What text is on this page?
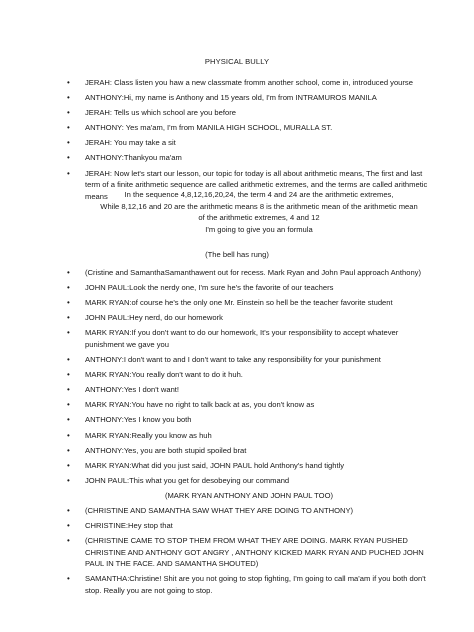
PHYSICAL BULLY
• JERAH: Class listen you haw a new classmate fromm another school, come in, introduced yourse
• ANTHONY:Hi, my name is Anthony and 15 years old, I'm from INTRAMUROS MANILA
• JERAH: Tells us which school are you before
• ANTHONY: Yes ma'am, I'm from MANILA HIGH SCHOOL, MURALLA ST.
• JERAH: You may take a sit
• ANTHONY:Thankyou ma'am
• JERAH: Now let's start our lesson, our topic for today is all about arithmetic means, The first and last term of a finite arithmetic sequence are called arithmetic extremes, and the terms are called arithmetic means	In the sequence 4,8,12,16,20,24, the term 4 and 24 are the arithmetic extremes,
While 8,12,16 and 20 are the arithmetic means 8 is the arithmetic mean of the arithmetic mean
of the arithmetic extremes, 4 and 12
I'm going to give you an formula
(The bell has rung)
• (Cristine and SamanthaSamanthawent out for recess. Mark Ryan and John Paul approach Anthony)
• JOHN PAUL:Look the nerdy one, I'm sure he's the favorite of our teachers
• MARK RYAN:of course he's the only one Mr. Einstein so hell be the teacher favorite student
• JOHN PAUL:Hey nerd, do our homework
• MARK RYAN:If you don't want to do our homework, It's your responsibility to accept whatever punishment we gave you
• ANTHONY:I don't want to and I don't want to take any responsibility for your punishment
• MARK RYAN:You really don't want to do it huh.
• ANTHONY:Yes I don't want!
• MARK RYAN:You have no right to talk back at as, you don't know as
• ANTHONY:Yes I know you both
• MARK RYAN:Really you know as huh
• ANTHONY:Yes, you are both stupid spoiled brat
• MARK RYAN:What did you just said, JOHN PAUL hold Anthony's hand tightly
• JOHN PAUL:This what you get for desobeying our command
(MARK RYAN ANTHONY AND JOHN PAUL TOO)
• (CHRISTINE AND SAMANTHA SAW WHAT THEY ARE DOING TO ANTHONY)
• CHRISTINE:Hey stop that
• (CHRISTINE CAME TO STOP THEM FROM WHAT THEY ARE DOING. MARK RYAN PUSHED CHRISTINE AND ANTHONY GOT ANGRY , ANTHONY KICKED MARK RYAN AND PUCHED JOHN PAUL IN THE FACE. AND SAMANTHA SHOUTED)
• SAMANTHA:Christine! Shit are you not going to stop fighting, I'm going to call ma'am if you both don't stop. Really you are not going to stop.
